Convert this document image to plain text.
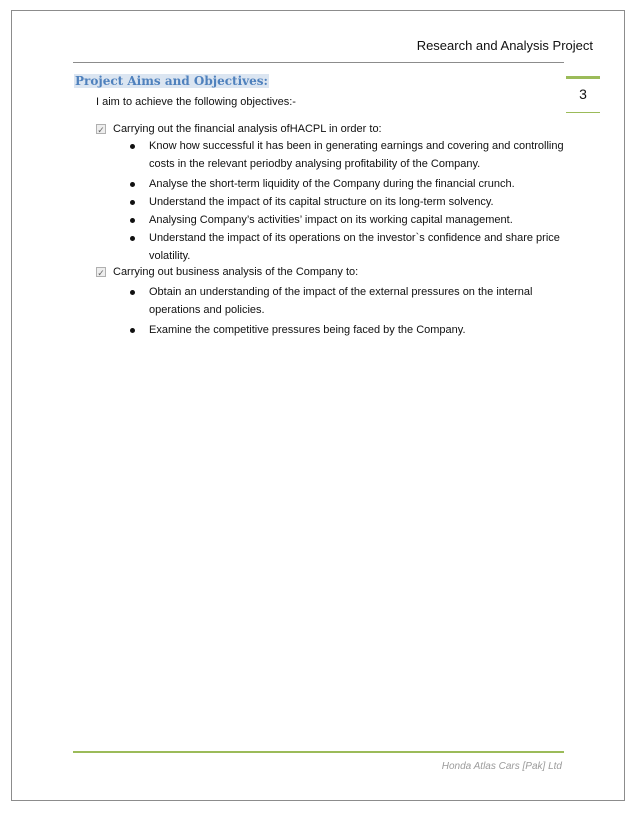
Research and Analysis Project
3
Project Aims and Objectives:
I aim to achieve the following objectives:-
✓ Carrying out the financial analysis ofHACPL in order to:
Know how successful it has been in generating earnings and covering and controlling costs in the relevant periodby analysing profitability of the Company.
Analyse the short-term liquidity of the Company during the financial crunch.
Understand the impact of its capital structure on its long-term solvency.
Analysing Company’s activities’ impact on its working capital management.
Understand the impact of its operations on the investor`s confidence and share price volatility.
✓ Carrying out business analysis of the Company to:
Obtain an understanding of the impact of the external pressures on the internal operations and policies.
Examine the competitive pressures being faced by the Company.
Honda Atlas Cars [Pak] Ltd
